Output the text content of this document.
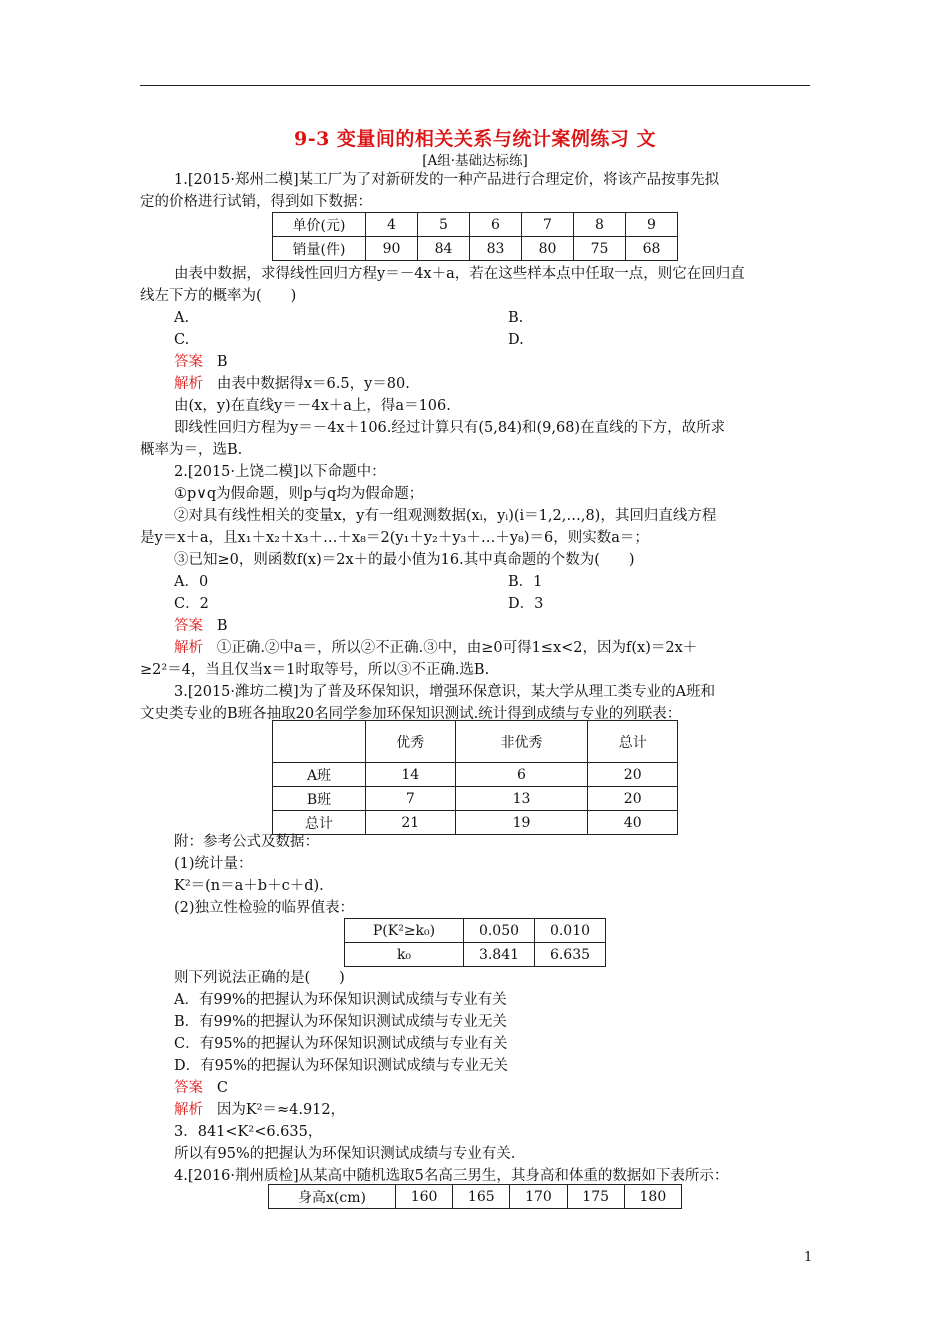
9-3 变量间的相关关系与统计案例练习 文
[A组·基础达标练]
1.[2015·郑州二模]某工厂为了对新研发的一种产品进行合理定价，将该产品按事先拟
定的价格进行试销，得到如下数据：
单价(元)	4	5	6	7	8	9
销量(件)	90	84	83	80	75	68
由表中数据，求得线性回归方程y＝－4x＋a，若在这些样本点中任取一点，则它在回归直
线左下方的概率为(　　)
A.	B.
C.	D.
答案 B
解析 由表中数据得x＝6.5，y＝80.
由(x，y)在直线y＝－4x＋a上，得a＝106.
即线性回归方程为y＝－4x＋106.经过计算只有(5,84)和(9,68)在直线的下方，故所求
概率为＝，选B.
2.[2015·上饶二模]以下命题中：
①p∨q为假命题，则p与q均为假命题；
②对具有线性相关的变量x，y有一组观测数据(xᵢ，yᵢ)(i＝1,2,…,8)，其回归直线方程
是y＝x＋a，且x₁＋x₂＋x₃＋…＋x₈＝2(y₁＋y₂＋y₃＋…＋y₈)＝6，则实数a＝；
③已知≥0，则函数f(x)＝2x＋的最小值为16.其中真命题的个数为(　　)
A．0	B．1
C．2	D．3
答案 B
解析 ①正确.②中a＝，所以②不正确.③中，由≥0可得1≤x<2，因为f(x)＝2x＋
≥2²＝4，当且仅当x＝1时取等号，所以③不正确.选B.
3.[2015·潍坊二模]为了普及环保知识，增强环保意识，某大学从理工类专业的A班和
文史类专业的B班各抽取20名同学参加环保知识测试.统计得到成绩与专业的列联表：
	优秀	非优秀	总计
A班	14	6	20
B班	7	13	20
总计	21	19	40
附：参考公式及数据：
(1)统计量：
K²＝(n＝a＋b＋c＋d).
(2)独立性检验的临界值表：
P(K²≥k₀)	0.050	0.010
k₀	3.841	6.635
则下列说法正确的是(　　)
A．有99%的把握认为环保知识测试成绩与专业有关
B．有99%的把握认为环保知识测试成绩与专业无关
C．有95%的把握认为环保知识测试成绩与专业有关
D．有95%的把握认为环保知识测试成绩与专业无关
答案 C
解析 因为K²＝≈4.912，
3．841<K²<6.635，
所以有95%的把握认为环保知识测试成绩与专业有关.
4.[2016·荆州质检]从某高中随机选取5名高三男生，其身高和体重的数据如下表所示：
身高x(cm)	160	165	170	175	180
1
